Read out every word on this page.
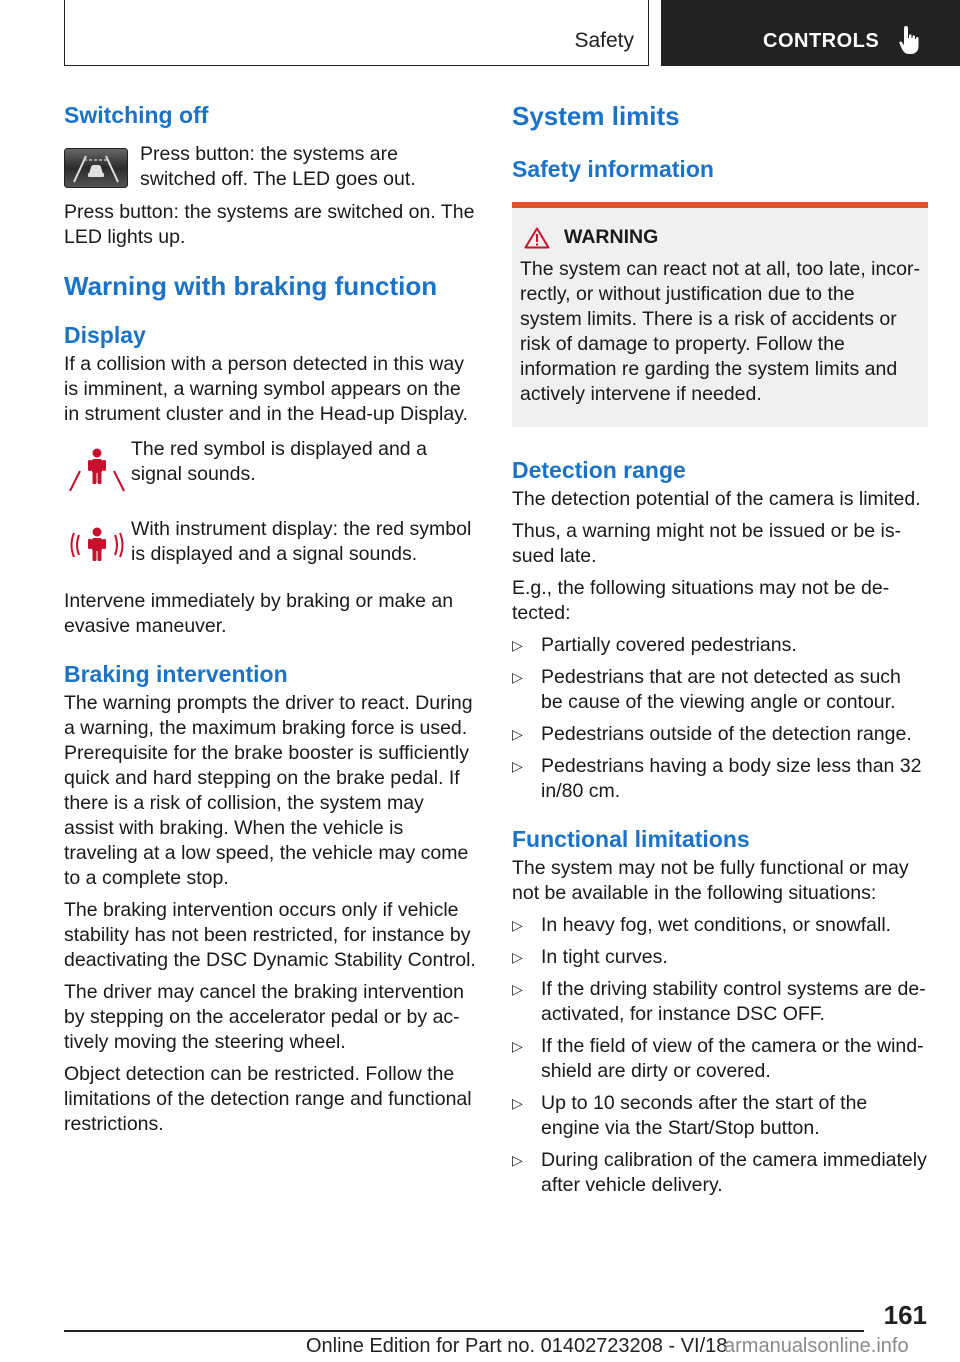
Safety	CONTROLS
Switching off
Press button: the systems are switched off. The LED goes out.
Press button: the systems are switched on. The LED lights up.
Warning with braking function
Display
If a collision with a person detected in this way is imminent, a warning symbol appears on the in strument cluster and in the Head-up Display.
The red symbol is displayed and a signal sounds.
With instrument display: the red symbol is displayed and a signal sounds.
Intervene immediately by braking or make an evasive maneuver.
Braking intervention
The warning prompts the driver to react. During a warning, the maximum braking force is used. Prerequisite for the brake booster is sufficiently quick and hard stepping on the brake pedal. If there is a risk of collision, the system may assist with braking. When the vehicle is traveling at a low speed, the vehicle may come to a complete stop.
The braking intervention occurs only if vehicle stability has not been restricted, for instance by deactivating the DSC Dynamic Stability Control.
The driver may cancel the braking intervention by stepping on the accelerator pedal or by ac tively moving the steering wheel.
Object detection can be restricted. Follow the limitations of the detection range and functional restrictions.
System limits
Safety information
WARNING
The system can react not at all, too late, incor rectly, or without justification due to the system limits. There is a risk of accidents or risk of damage to property. Follow the information re garding the system limits and actively intervene if needed.
Detection range
The detection potential of the camera is limited.
Thus, a warning might not be issued or be is sued late.
E.g., the following situations may not be de tected:
▷ Partially covered pedestrians.
▷ Pedestrians that are not detected as such be cause of the viewing angle or contour.
▷ Pedestrians outside of the detection range.
▷ Pedestrians having a body size less than 32 in/80 cm.
Functional limitations
The system may not be fully functional or may not be available in the following situations:
▷ In heavy fog, wet conditions, or snowfall.
▷ In tight curves.
▷ If the driving stability control systems are de activated, for instance DSC OFF.
▷ If the field of view of the camera or the wind shield are dirty or covered.
▷ Up to 10 seconds after the start of the engine via the Start/Stop button.
▷ During calibration of the camera immediately after vehicle delivery.
161
Online Edition for Part no. 01402723208 - VI/18
armanualsonline.info
